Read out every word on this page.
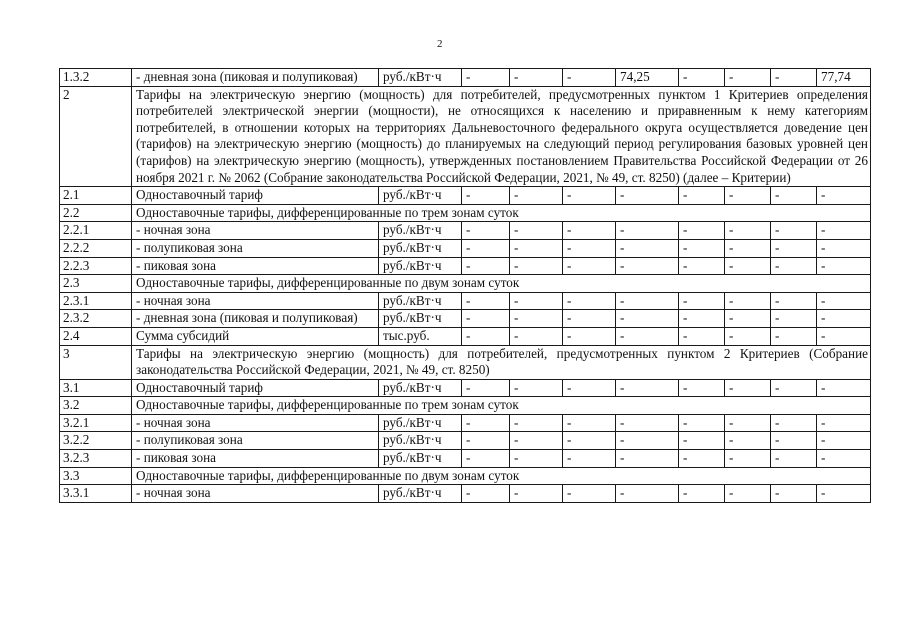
2
1.3.2	- дневная зона (пиковая и полупиковая)	руб./кВт·ч	-	-	-	74,25	-	-	-	77,74
2	Тарифы на электрическую энергию (мощность) для потребителей, предусмотренных пунктом 1 Критериев определения потребителей электрической энергии (мощности), не относящихся к населению и приравненным к нему категориям потребителей, в отношении которых на территориях Дальневосточного федерального округа осуществляется доведение цен (тарифов) на электрическую энергию (мощность) до планируемых на следующий период регулирования базовых уровней цен (тарифов) на электрическую энергию (мощность), утвержденных постановлением Правительства Российской Федерации от 26 ноября 2021 г. № 2062 (Собрание законодательства Российской Федерации, 2021, № 49, ст. 8250) (далее – Критерии)									
2.1	Одноставочный тариф	руб./кВт·ч	-	-	-	-	-	-	-	-
2.2	Одноставочные тарифы, дифференцированные по трем зонам суток									
2.2.1	- ночная зона	руб./кВт·ч	-	-	-	-	-	-	-	-
2.2.2	- полупиковая зона	руб./кВт·ч	-	-	-	-	-	-	-	-
2.2.3	- пиковая зона	руб./кВт·ч	-	-	-	-	-	-	-	-
2.3	Одноставочные тарифы, дифференцированные по двум зонам суток									
2.3.1	- ночная зона	руб./кВт·ч	-	-	-	-	-	-	-	-
2.3.2	- дневная зона (пиковая и полупиковая)	руб./кВт·ч	-	-	-	-	-	-	-	-
2.4	Сумма субсидий	тыс.руб.	-	-	-	-	-	-	-	-
3	Тарифы на электрическую энергию (мощность) для потребителей, предусмотренных пунктом 2 Критериев (Собрание законодательства Российской Федерации, 2021, № 49, ст. 8250)									
3.1	Одноставочный тариф	руб./кВт·ч	-	-	-	-	-	-	-	-
3.2	Одноставочные тарифы, дифференцированные по трем зонам суток									
3.2.1	- ночная зона	руб./кВт·ч	-	-	-	-	-	-	-	-
3.2.2	- полупиковая зона	руб./кВт·ч	-	-	-	-	-	-	-	-
3.2.3	- пиковая зона	руб./кВт·ч	-	-	-	-	-	-	-	-
3.3	Одноставочные тарифы, дифференцированные по двум зонам суток									
3.3.1	- ночная зона	руб./кВт·ч	-	-	-	-	-	-	-	-
